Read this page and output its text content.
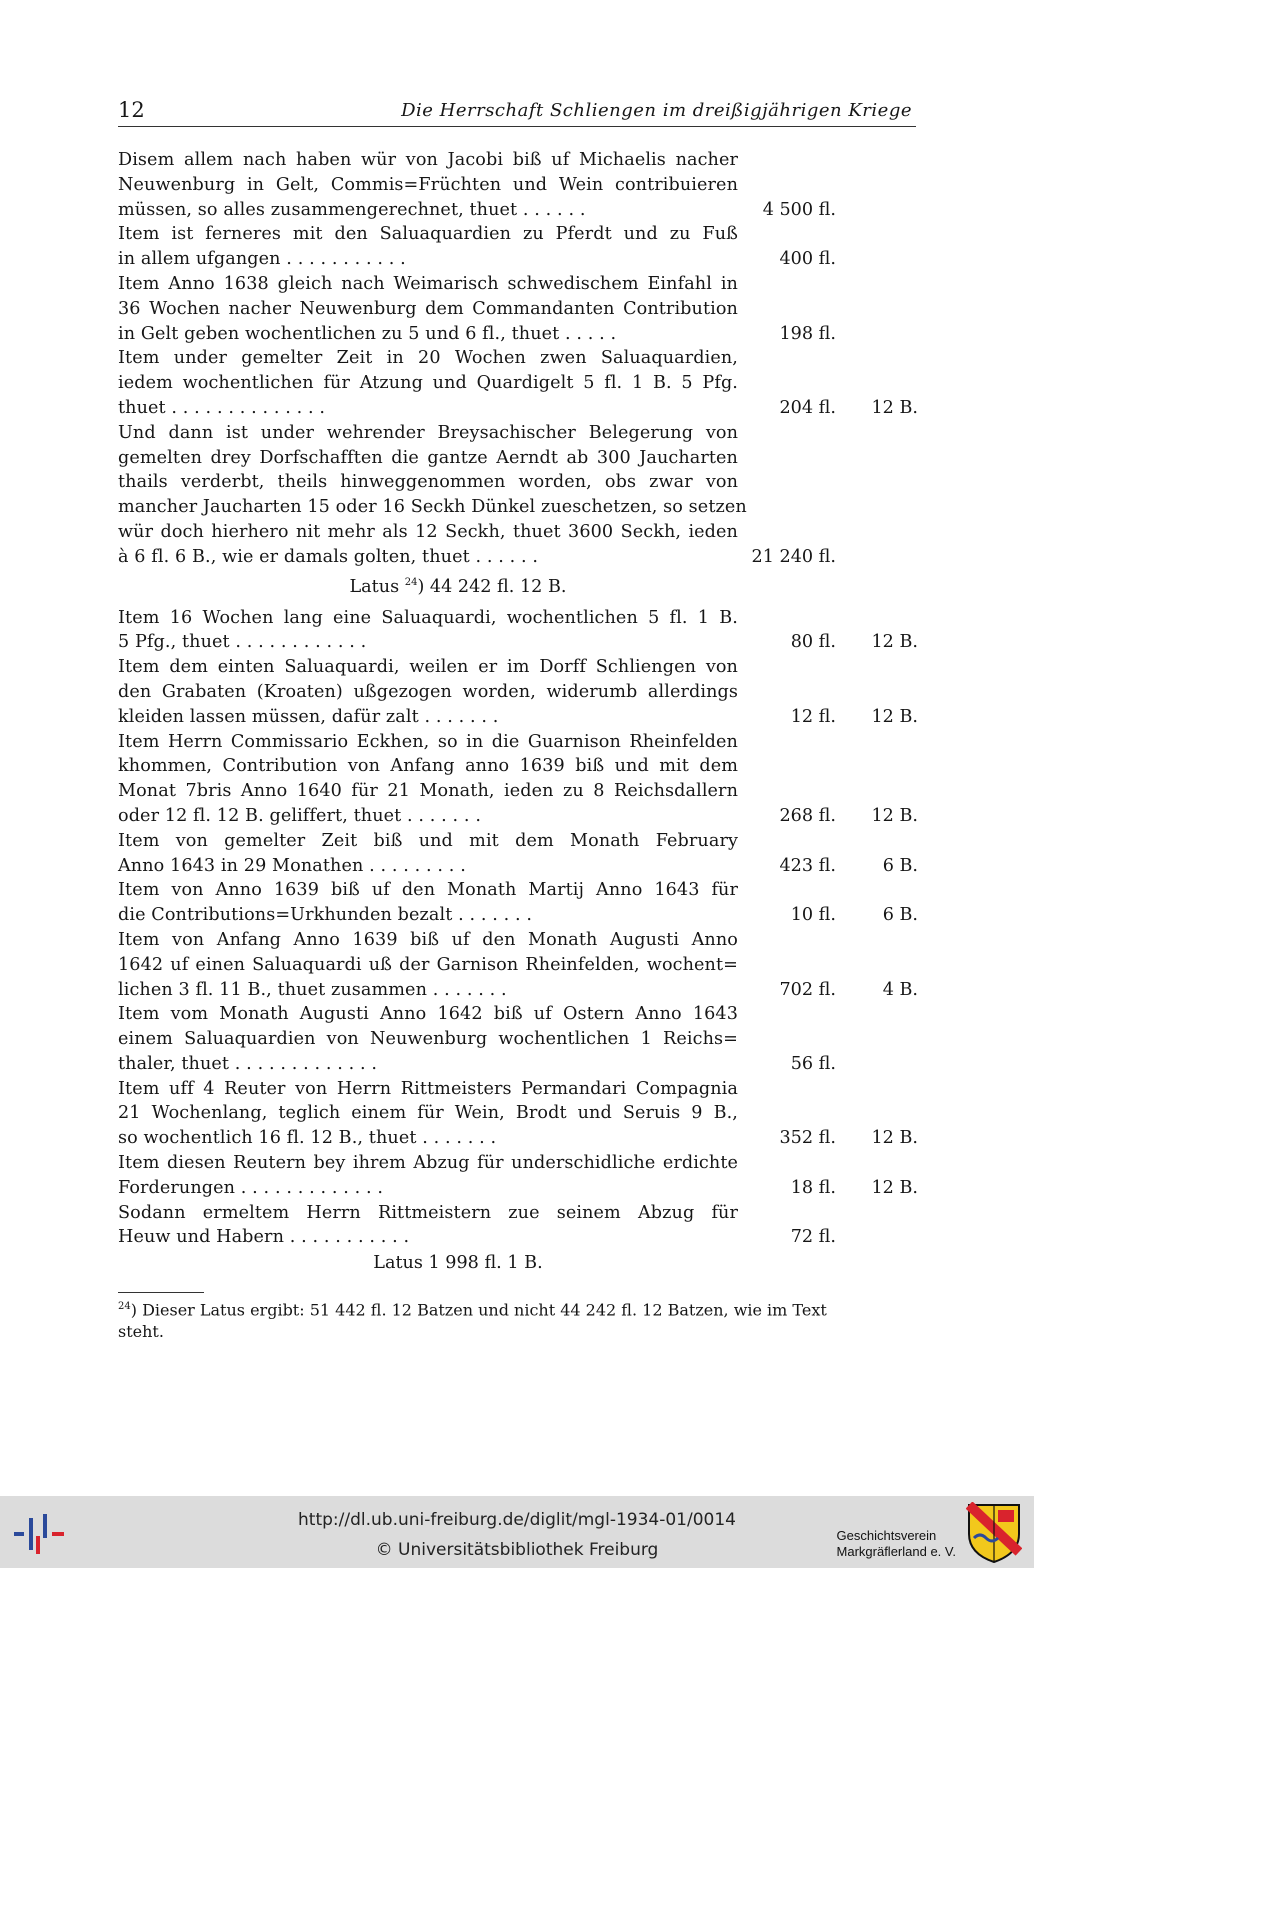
12	Die Herrschaft Schliengen im dreißigjährigen Kriege
Disem allem nach haben wür von Jacobi biß uf Michaelis nacher
Neuwenburg in Gelt, Commis=Früchten und Wein contribuieren
müssen, so alles zusammengerechnet, thuet . . . . . .	4 500 fl.
Item ist ferneres mit den Saluaquardien zu Pferdt und zu Fuß
in allem ufgangen . . . . . . . . . . .	400 fl.
Item Anno 1638 gleich nach Weimarisch schwedischem Einfahl in
36 Wochen nacher Neuwenburg dem Commandanten Contribution
in Gelt geben wochentlichen zu 5 und 6 fl., thuet . . . . .	198 fl.
Item under gemelter Zeit in 20 Wochen zwen Saluaquardien,
iedem wochentlichen für Atzung und Quardigelt 5 fl. 1 B. 5 Pfg.
thuet . . . . . . . . . . . . . .	204 fl. 12 B.
Und dann ist under wehrender Breysachischer Belegerung von
gemelten drey Dorfschafften die gantze Aerndt ab 300 Jaucharten
thails verderbt, theils hinweggenommen worden, obs zwar von
mancher Jaucharten 15 oder 16 Seckh Dünkel zueschetzen, so setzen
wür doch hierhero nit mehr als 12 Seckh, thuet 3600 Seckh, ieden
à 6 fl. 6 B., wie er damals golten, thuet . . . . . .	21 240 fl.
Latus $^{24}$) 44 242 fl. 12 B.
Item 16 Wochen lang eine Saluaquardi, wochentlichen 5 fl. 1 B.
5 Pfg., thuet . . . . . . . . . . . .	80 fl. 12 B.
Item dem einten Saluaquardi, weilen er im Dorff Schliengen von
den Grabaten (Kroaten) ußgezogen worden, widerumb allerdings
kleiden lassen müssen, dafür zalt . . . . . . .	12 fl. 12 B.
Item Herrn Commissario Eckhen, so in die Guarnison Rheinfelden
khommen, Contribution von Anfang anno 1639 biß und mit dem
Monat 7bris Anno 1640 für 21 Monath, ieden zu 8 Reichsdallern
oder 12 fl. 12 B. geliffert, thuet . . . . . . .	268 fl. 12 B.
Item von gemelter Zeit biß und mit dem Monath February
Anno 1643 in 29 Monathen . . . . . . . . .	423 fl.	6 B.
Item von Anno 1639 biß uf den Monath Martij Anno 1643 für
die Contributions=Urkhunden bezalt . . . . . . .	10 fl.	6 B.
Item von Anfang Anno 1639 biß uf den Monath Augusti Anno
1642 uf einen Saluaquardi uß der Garnison Rheinfelden, wochent=
lichen 3 fl. 11 B., thuet zusammen . . . . . . .	702 fl.	4 B.
Item vom Monath Augusti Anno 1642 biß uf Ostern Anno 1643
einem Saluaquardien von Neuwenburg wochentlichen 1 Reichs=
thaler, thuet . . . . . . . . . . . . .	56 fl.
Item uff 4 Reuter von Herrn Rittmeisters Permandari Compagnia
21 Wochenlang, teglich einem für Wein, Brodt und Seruis 9 B.,
so wochentlich 16 fl. 12 B., thuet . . . . . . .	352 fl. 12 B.
Item diesen Reutern bey ihrem Abzug für underschidliche erdichte
Forderungen . . . . . . . . . . . . .	18 fl. 12 B.
Sodann ermeltem Herrn Rittmeistern zue seinem Abzug für
Heuw und Habern . . . . . . . . . . .	72 fl.
Latus 1 998 fl. 1 B.
$^{24}$) Dieser Latus ergibt: 51 442 fl. 12 Batzen und nicht 44 242 fl. 12 Batzen, wie im Text
steht.
http://dl.ub.uni-freiburg.de/diglit/mgl-1934-01/0014
© Universitätsbibliothek Freiburg
Geschichtsverein
Markgräflerland e. V.
